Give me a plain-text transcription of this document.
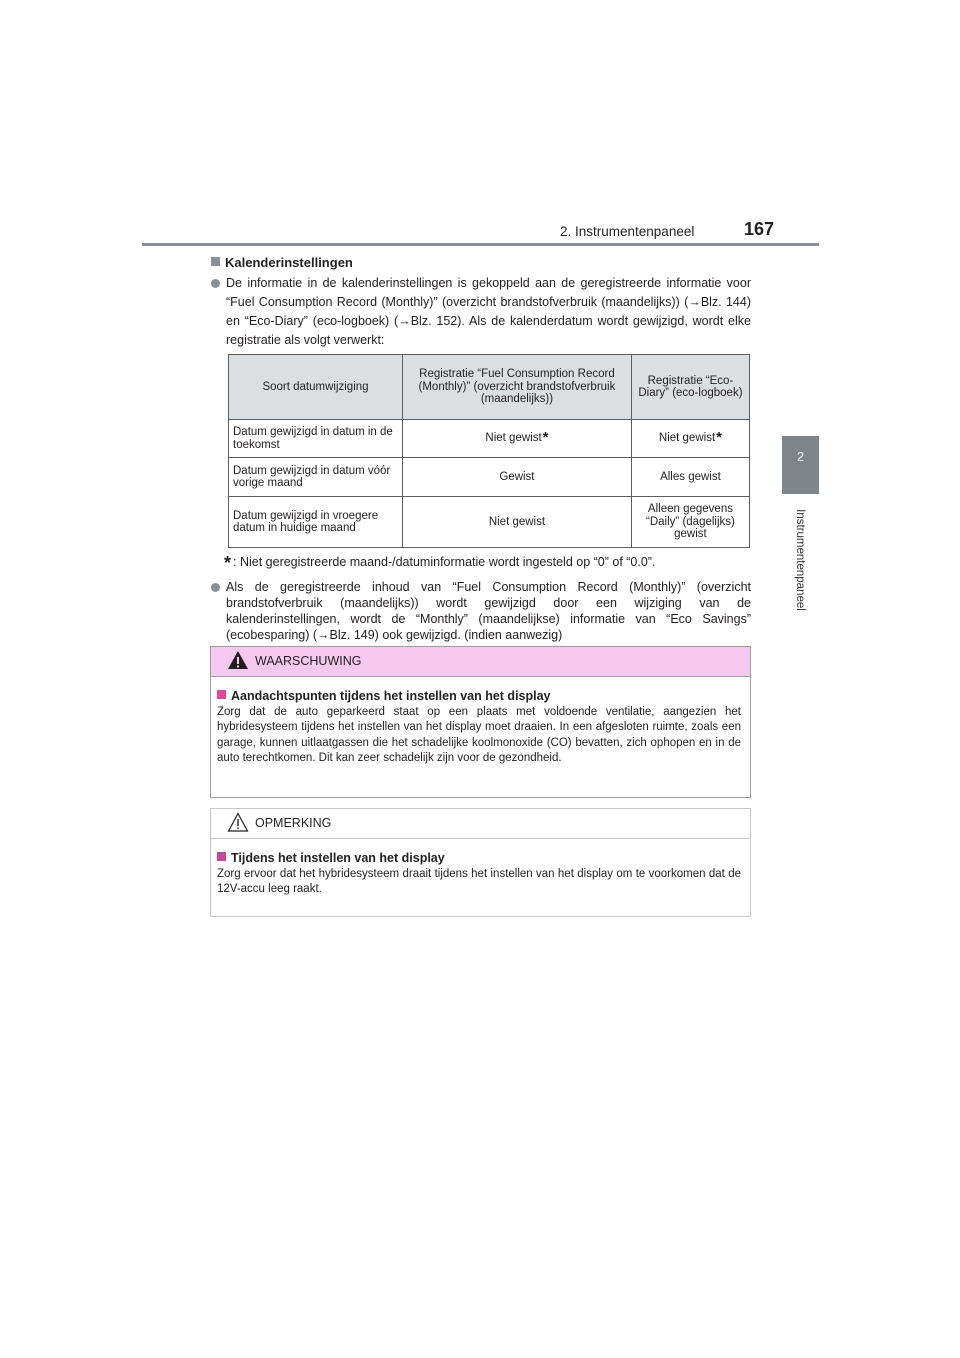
2. Instrumentenpaneel	167
2
Instrumentenpaneel
Kalenderinstellingen
De informatie in de kalenderinstellingen is gekoppeld aan de geregistreerde informatie voor “Fuel Consumption Record (Monthly)” (overzicht brandstofverbruik (maandelijks)) (→Blz. 144) en “Eco-Diary” (eco-logboek) (→Blz. 152). Als de kalenderdatum wordt gewijzigd, wordt elke registratie als volgt verwerkt:
Soort datumwijziging	Registratie “Fuel Consumption Record (Monthly)” (overzicht brandstofverbruik (maandelijks))	Registratie “Eco-Diary” (eco-logboek)
Datum gewijzigd in datum in de toekomst	Niet gewist*	Niet gewist*
Datum gewijzigd in datum vóór vorige maand	Gewist	Alles gewist
Datum gewijzigd in vroegere datum in huidige maand	Niet gewist	Alleen gegevens “Daily” (dagelijks) gewist
* : Niet geregistreerde maand-/datuminformatie wordt ingesteld op “0” of “0.0”.
Als de geregistreerde inhoud van “Fuel Consumption Record (Monthly)” (overzicht brandstofverbruik (maandelijks)) wordt gewijzigd door een wijziging van de kalenderinstellingen, wordt de “Monthly” (maandelijkse) informatie van “Eco Savings” (ecobesparing) (→Blz. 149) ook gewijzigd. (indien aanwezig)
WAARSCHUWING
Aandachtspunten tijdens het instellen van het display
Zorg dat de auto geparkeerd staat op een plaats met voldoende ventilatie, aangezien het hybridesysteem tijdens het instellen van het display moet draaien. In een afgesloten ruimte, zoals een garage, kunnen uitlaatgassen die het schadelijke koolmonoxide (CO) bevatten, zich ophopen en in de auto terechtkomen. Dit kan zeer schadelijk zijn voor de gezondheid.
OPMERKING
Tijdens het instellen van het display
Zorg ervoor dat het hybridesysteem draait tijdens het instellen van het display om te voorkomen dat de 12V-accu leeg raakt.
